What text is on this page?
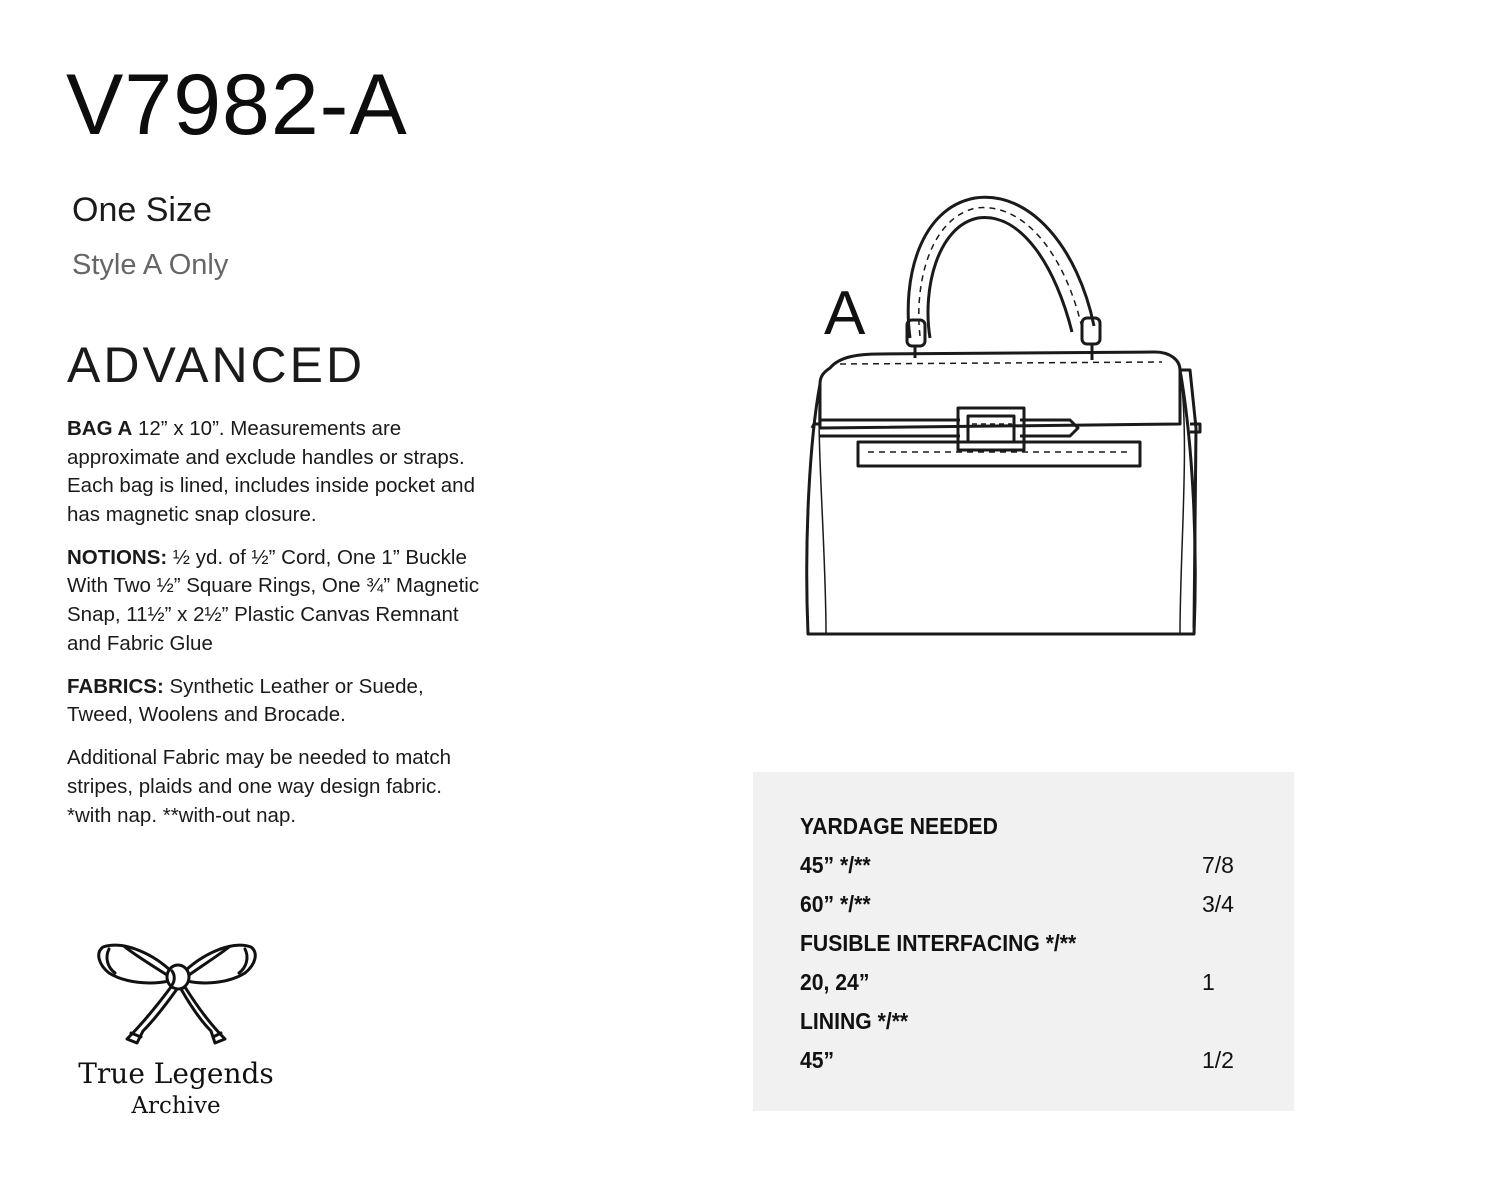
V7982-A
One Size
Style A Only
ADVANCED

BAG A 12” x 10”. Measurements are approximate and exclude handles or straps. Each bag is lined, includes inside pocket and has magnetic snap closure.

NOTIONS: ½ yd. of ½” Cord, One 1” Buckle With Two ½” Square Rings, One ¾” Magnetic Snap, 11½” x 2½” Plastic Canvas Remnant and Fabric Glue

FABRICS: Synthetic Leather or Suede, Tweed, Woolens and Brocade.

Additional Fabric may be needed to match stripes, plaids and one way design fabric. *with nap. **with-out nap.

True Legends
Archive
A
YARDAGE NEEDED
45” */**	7/8
60” */**	3/4
FUSIBLE INTERFACING */**
20, 24”	1
LINING */**
45”	1/2
